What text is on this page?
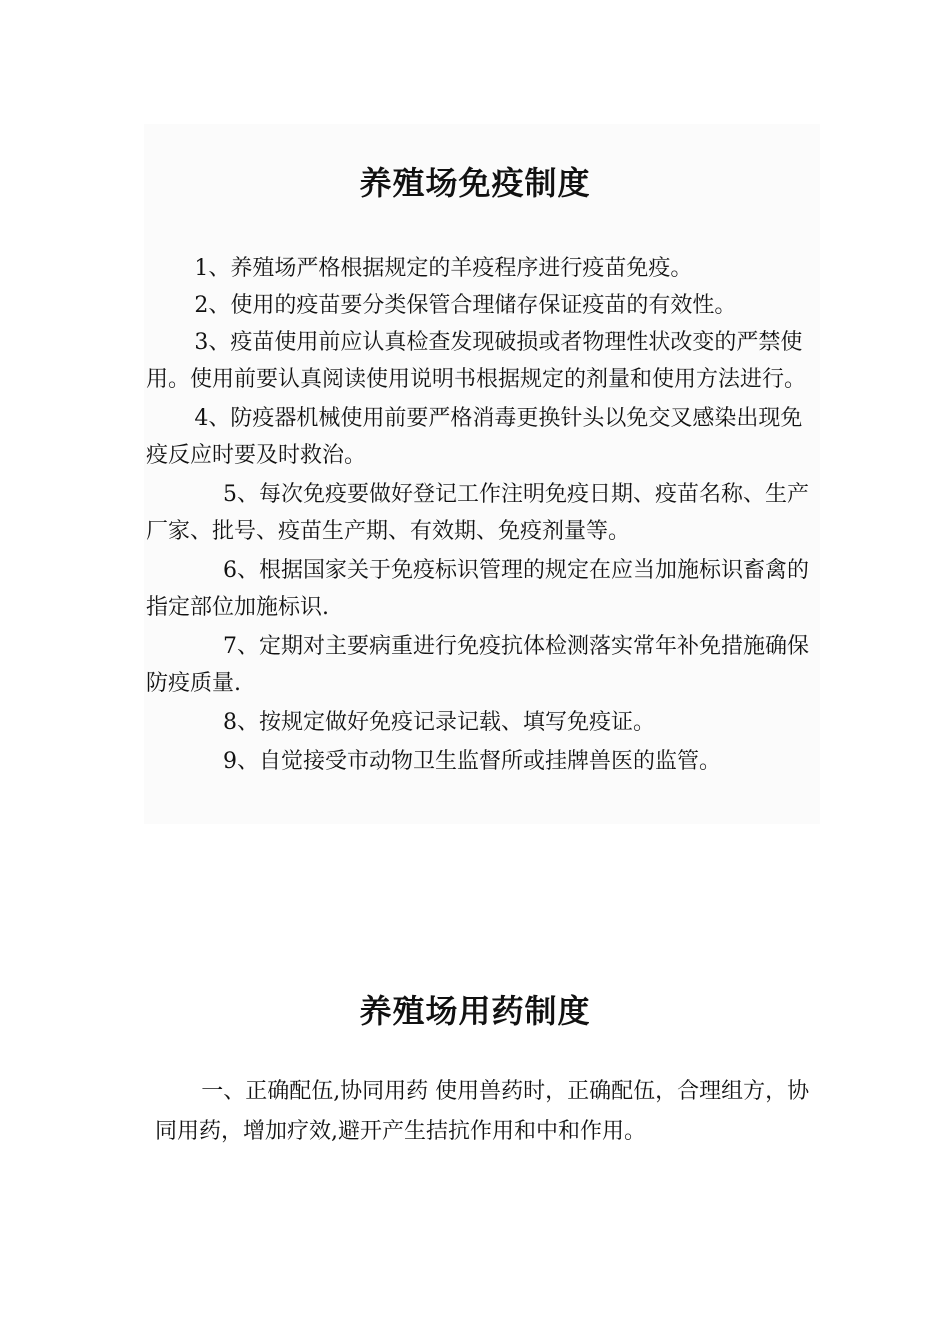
养殖场免疫制度

1、养殖场严格根据规定的羊疫程序进行疫苗免疫。

2、使用的疫苗要分类保管合理储存保证疫苗的有效性。

3、疫苗使用前应认真检查发现破损或者物理性状改变的严禁使用。使用前要认真阅读使用说明书根据规定的剂量和使用方法进行。

4、防疫器机械使用前要严格消毒更换针头以免交叉感染出现免疫反应时要及时救治。

5、每次免疫要做好登记工作注明免疫日期、疫苗名称、生产厂家、批号、疫苗生产期、有效期、免疫剂量等。

6、根据国家关于免疫标识管理的规定在应当加施标识畜禽的指定部位加施标识.

7、定期对主要病重进行免疫抗体检测落实常年补免措施确保防疫质量.

8、按规定做好免疫记录记载、填写免疫证。

9、自觉接受市动物卫生监督所或挂牌兽医的监管。

养殖场用药制度

一、正确配伍,协同用药 使用兽药时，正确配伍，合理组方，协同用药，增加疗效,避开产生拮抗作用和中和作用。
